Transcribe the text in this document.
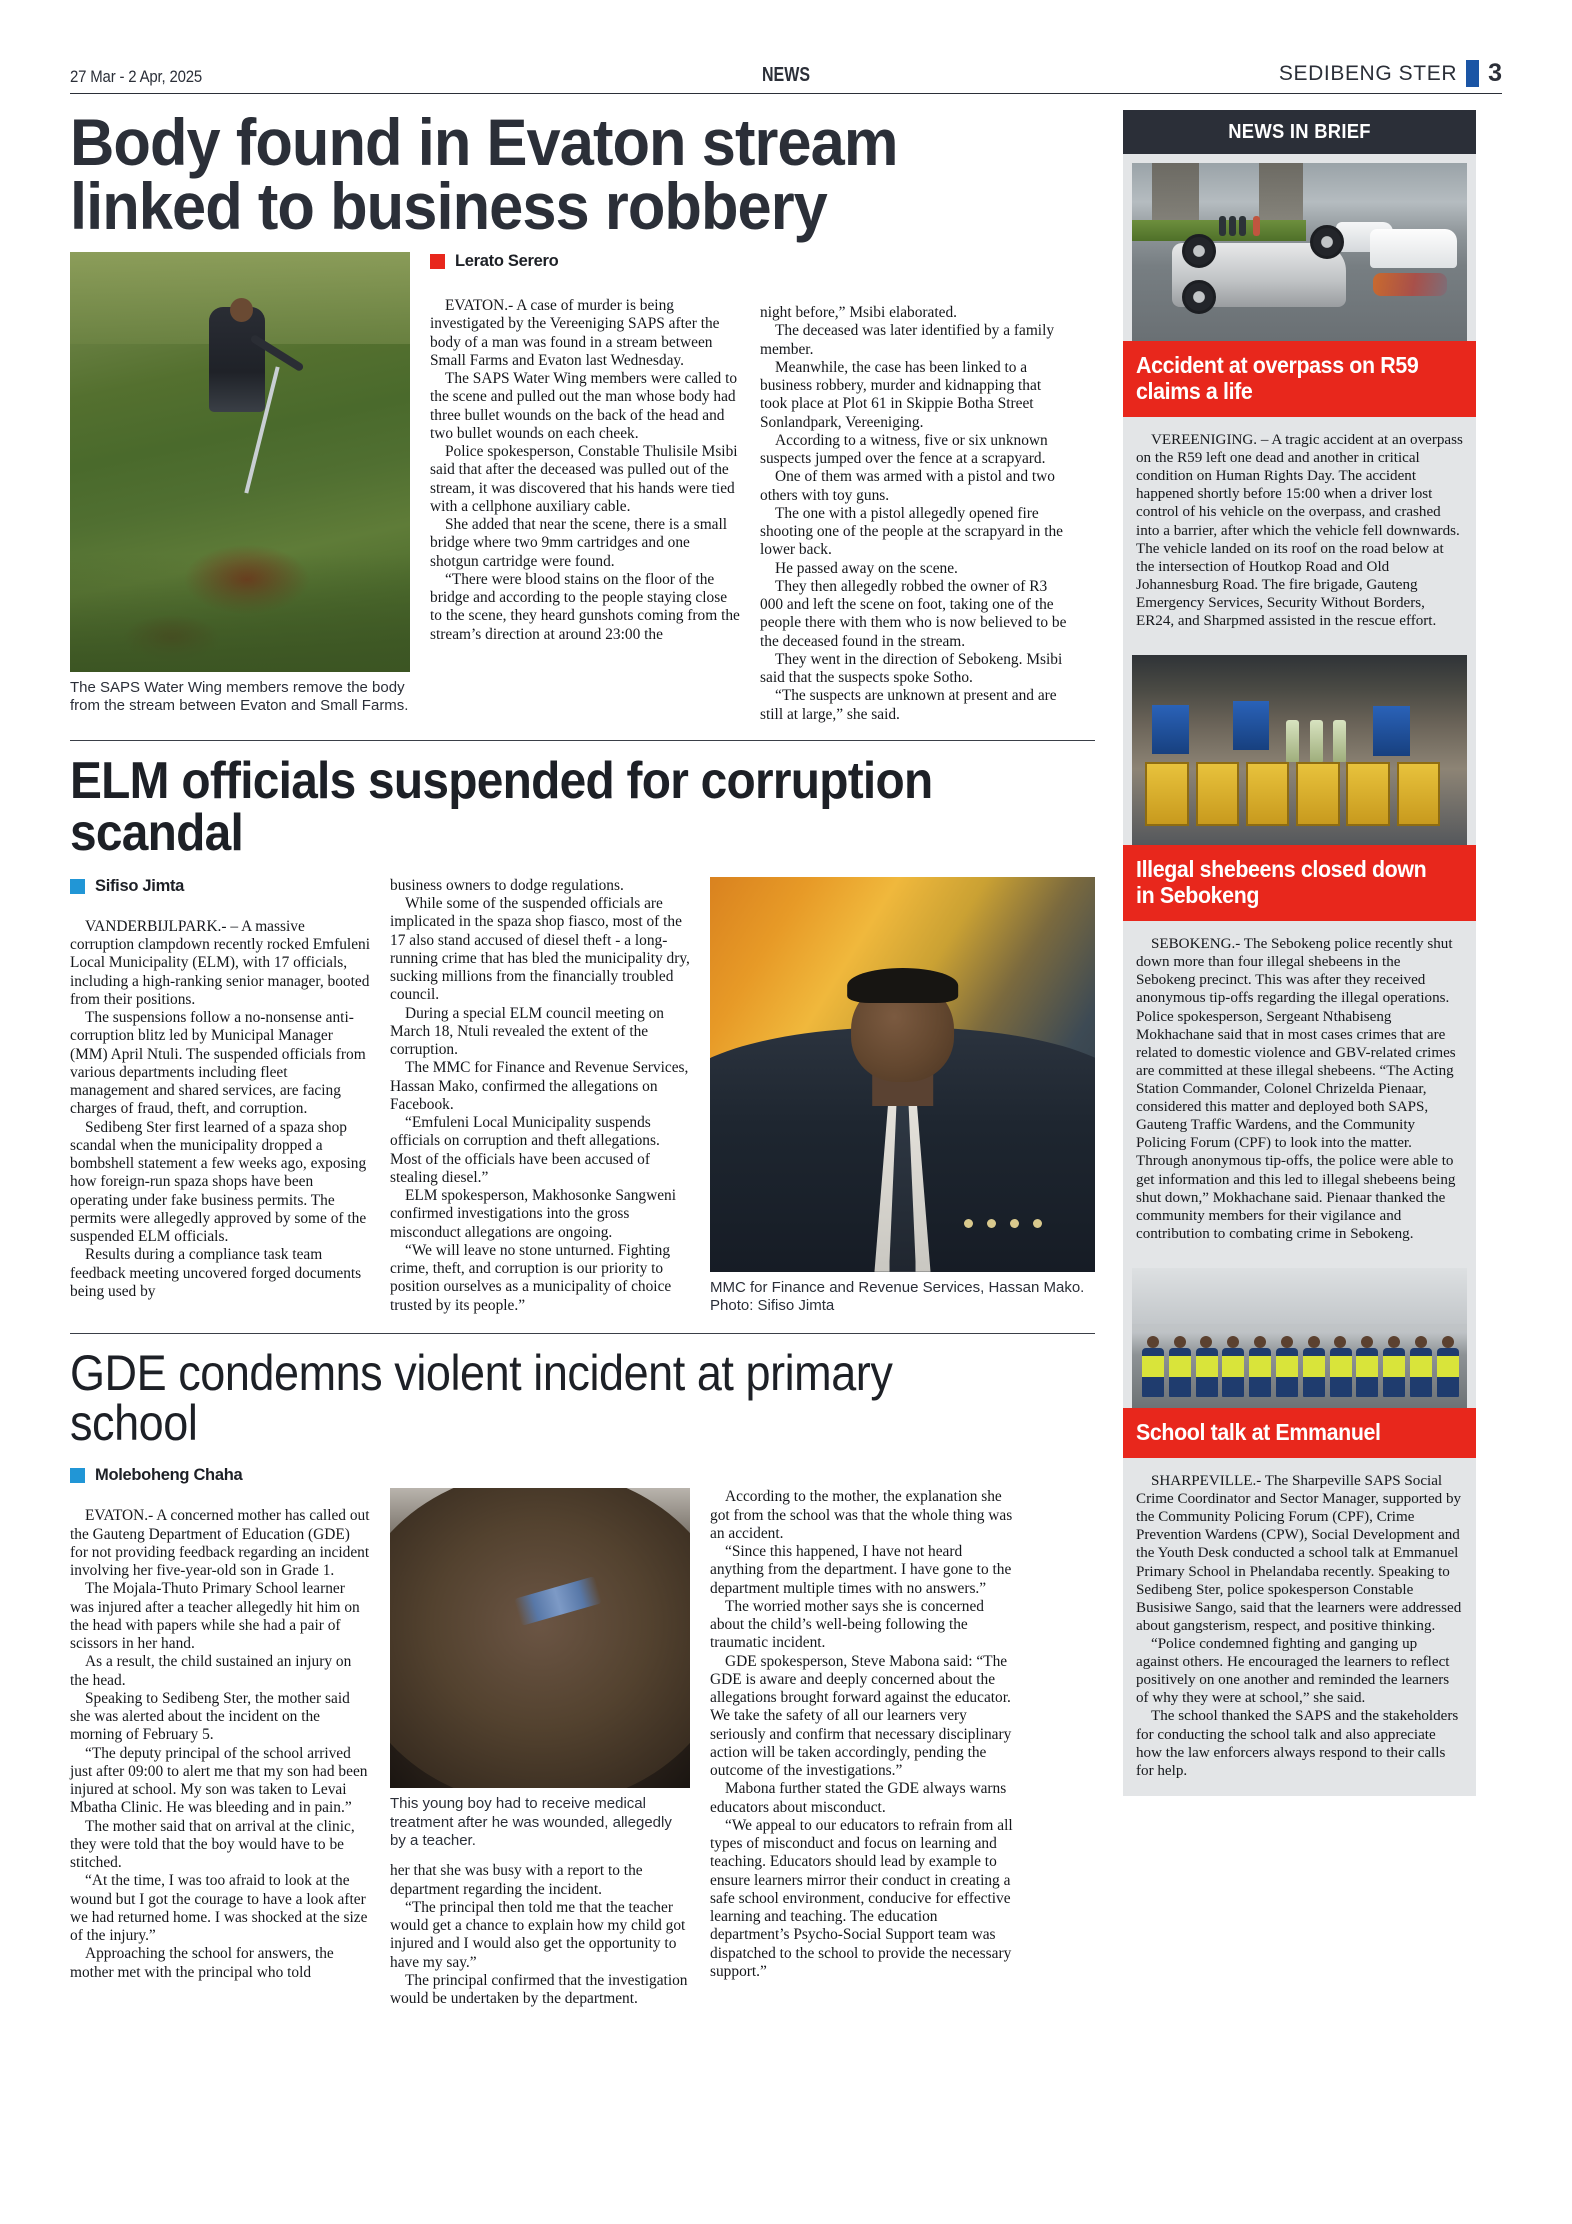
27 Mar - 2 Apr, 2025	NEWS	SEDIBENG STER 3
Body found in Evaton stream
linked to business robbery
The SAPS Water Wing members remove the body from the stream between Evaton and Small Farms.
Lerato Serero

EVATON.- A case of murder is being investigated by the Vereeniging SAPS after the body of a man was found in a stream between Small Farms and Evaton last Wednesday.

The SAPS Water Wing members were called to the scene and pulled out the man whose body had three bullet wounds on the back of the head and two bullet wounds on each cheek.

Police spokesperson, Constable Thulisile Msibi said that after the deceased was pulled out of the stream, it was discovered that his hands were tied with a cellphone auxiliary cable.

She added that near the scene, there is a small bridge where two 9mm cartridges and one shotgun cartridge were found.

“There were blood stains on the floor of the bridge and according to the people staying close to the scene, they heard gunshots coming from the stream’s direction at around 23:00 the

night before,” Msibi elaborated.

The deceased was later identified by a family member.

Meanwhile, the case has been linked to a business robbery, murder and kidnapping that took place at Plot 61 in Skippie Botha Street Sonlandpark, Vereeniging.

According to a witness, five or six unknown suspects jumped over the fence at a scrapyard.

One of them was armed with a pistol and two others with toy guns.

The one with a pistol allegedly opened fire shooting one of the people at the scrapyard in the lower back.

He passed away on the scene.

They then allegedly robbed the owner of R3 000 and left the scene on foot, taking one of the people there with them who is now believed to be the deceased found in the stream.

They went in the direction of Sebokeng. Msibi said that the suspects spoke Sotho.

“The suspects are unknown at present and are still at large,” she said.

ELM officials suspended for corruption scandal
Sifiso Jimta

VANDERBIJLPARK.- – A massive corruption clampdown recently rocked Emfuleni Local Municipality (ELM), with 17 officials, including a high-ranking senior manager, booted from their positions.

The suspensions follow a no-nonsense anti-corruption blitz led by Municipal Manager (MM) April Ntuli. The suspended officials from various departments including fleet management and shared services, are facing charges of fraud, theft, and corruption.

Sedibeng Ster first learned of a spaza shop scandal when the municipality dropped a bombshell statement a few weeks ago, exposing how foreign-run spaza shops have been operating under fake business permits. The permits were allegedly approved by some of the suspended ELM officials.

Results during a compliance task team feedback meeting uncovered forged documents being used by

business owners to dodge regulations.

While some of the suspended officials are implicated in the spaza shop fiasco, most of the 17 also stand accused of diesel theft - a long-running crime that has bled the municipality dry, sucking millions from the financially troubled council.

During a special ELM council meeting on March 18, Ntuli revealed the extent of the corruption.

The MMC for Finance and Revenue Services, Hassan Mako, confirmed the allegations on Facebook.

“Emfuleni Local Municipality suspends officials on corruption and theft allegations. Most of the officials have been accused of stealing diesel.”

ELM spokesperson, Makhosonke Sangweni confirmed investigations into the gross misconduct allegations are ongoing.

“We will leave no stone unturned. Fighting crime, theft, and corruption is our priority to position ourselves as a municipality of choice trusted by its people.”

MMC for Finance and Revenue Services, Hassan Mako. Photo: Sifiso Jimta
GDE condemns violent incident at primary school
Moleboheng Chaha

EVATON.- A concerned mother has called out the Gauteng Department of Education (GDE) for not providing feedback regarding an incident involving her five-year-old son in Grade 1.

The Mojala-Thuto Primary School learner was injured after a teacher allegedly hit him on the head with papers while she had a pair of scissors in her hand.

As a result, the child sustained an injury on the head.

Speaking to Sedibeng Ster, the mother said she was alerted about the incident on the morning of February 5.

“The deputy principal of the school arrived just after 09:00 to alert me that my son had been injured at school. My son was taken to Levai Mbatha Clinic. He was bleeding and in pain.”

The mother said that on arrival at the clinic, they were told that the boy would have to be stitched.

“At the time, I was too afraid to look at the wound but I got the courage to have a look after we had returned home. I was shocked at the size of the injury.”

Approaching the school for answers, the mother met with the principal who told

This young boy had to receive medical treatment after he was wounded, allegedly by a teacher.

her that she was busy with a report to the department regarding the incident.

“The principal then told me that the teacher would get a chance to explain how my child got injured and I would also get the opportunity to have my say.”

The principal confirmed that the investigation would be undertaken by the department.

According to the mother, the explanation she got from the school was that the whole thing was an accident.

“Since this happened, I have not heard anything from the department. I have gone to the department multiple times with no answers.”

The worried mother says she is concerned about the child’s well-being following the traumatic incident.

GDE spokesperson, Steve Mabona said: “The GDE is aware and deeply concerned about the allegations brought forward against the educator. We take the safety of all our learners very seriously and confirm that necessary disciplinary action will be taken accordingly, pending the outcome of the investigations.”

Mabona further stated the GDE always warns educators about misconduct.

“We appeal to our educators to refrain from all types of misconduct and focus on learning and teaching. Educators should lead by example to ensure learners mirror their conduct in creating a safe school environment, conducive for effective learning and teaching. The education department’s Psycho-Social Support team was dispatched to the school to provide the necessary support.”

NEWS IN BRIEF
Accident at overpass on R59
claims a life

VEREENIGING. – A tragic accident at an overpass on the R59 left one dead and another in critical condition on Human Rights Day. The accident happened shortly before 15:00 when a driver lost control of his vehicle on the overpass, and crashed into a barrier, after which the vehicle fell downwards. The vehicle landed on its roof on the road below at the intersection of Houtkop Road and Old Johannesburg Road. The fire brigade, Gauteng Emergency Services, Security Without Borders, ER24, and Sharpmed assisted in the rescue effort.

Illegal shebeens closed down
in Sebokeng

SEBOKENG.- The Sebokeng police recently shut down more than four illegal shebeens in the Sebokeng precinct. This was after they received anonymous tip-offs regarding the illegal operations. Police spokesperson, Sergeant Nthabiseng Mokhachane said that in most cases crimes that are related to domestic violence and GBV-related crimes are committed at these illegal shebeens. “The Acting Station Commander, Colonel Chrizelda Pienaar, considered this matter and deployed both SAPS, Gauteng Traffic Wardens, and the Community Policing Forum (CPF) to look into the matter. Through anonymous tip-offs, the police were able to get information and this led to illegal shebeens being shut down,” Mokhachane said. Pienaar thanked the community members for their vigilance and contribution to combating crime in Sebokeng.

School talk at Emmanuel

SHARPEVILLE.- The Sharpeville SAPS Social Crime Coordinator and Sector Manager, supported by the Community Policing Forum (CPF), Crime Prevention Wardens (CPW), Social Development and the Youth Desk conducted a school talk at Emmanuel Primary School in Phelandaba recently. Speaking to Sedibeng Ster, police spokesperson Constable Busisiwe Sango, said that the learners were addressed about gangsterism, respect, and positive thinking.

“Police condemned fighting and ganging up against others. He encouraged the learners to reflect positively on one another and reminded the learners of why they were at school,” she said.

The school thanked the SAPS and the stakeholders for conducting the school talk and also appreciate how the law enforcers always respond to their calls for help.
